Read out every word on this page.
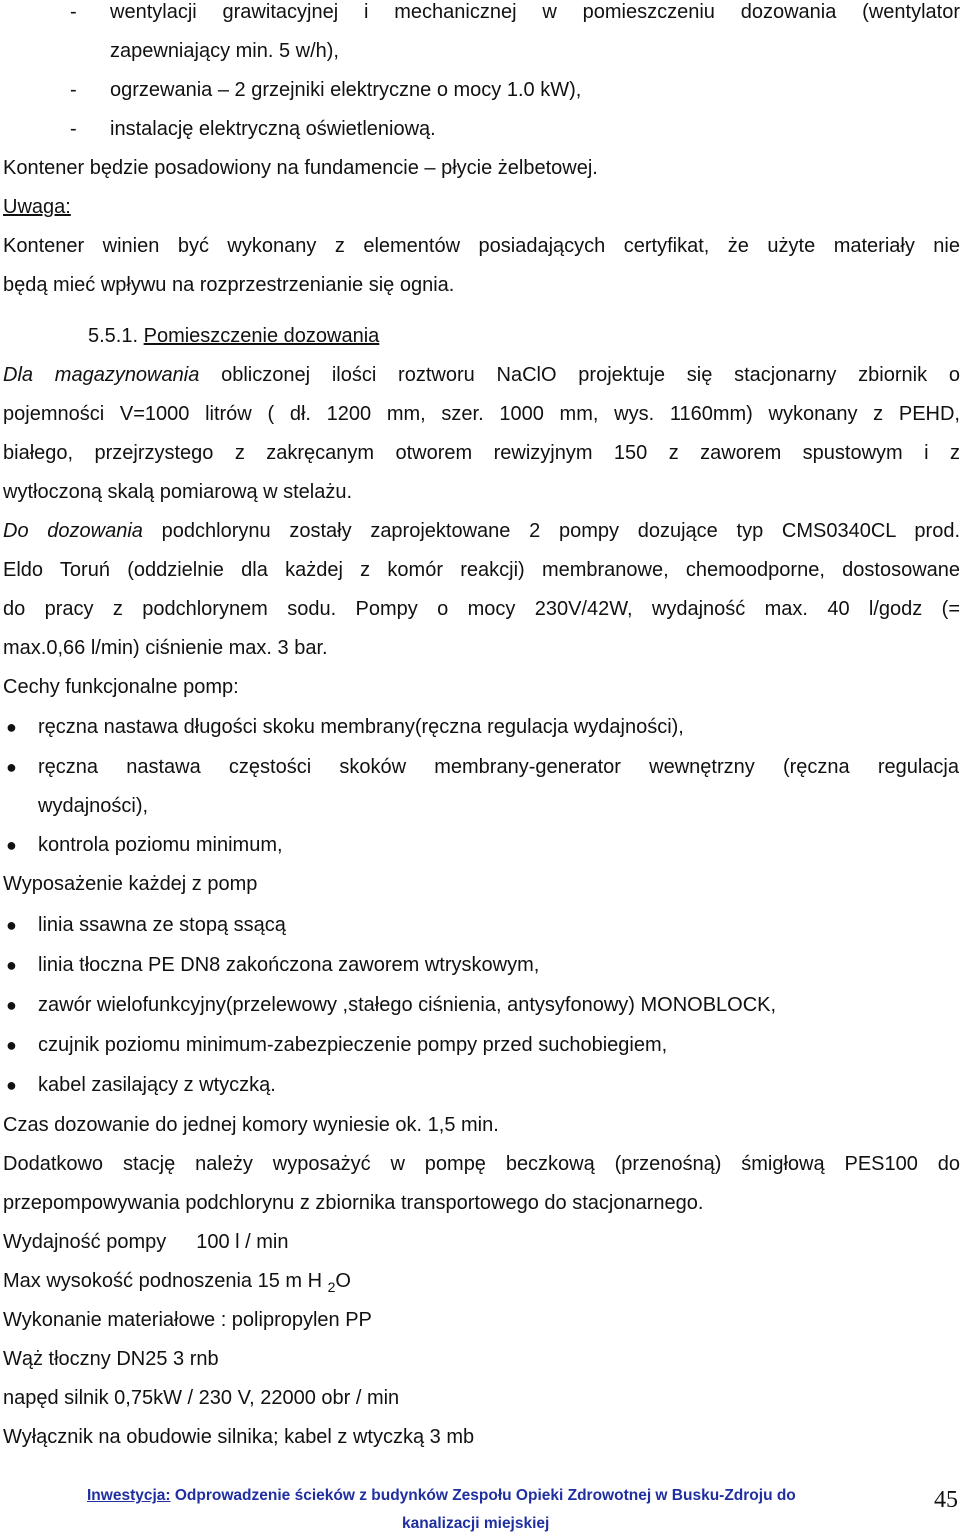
- wentylacji grawitacyjnej i mechanicznej w pomieszczeniu dozowania (wentylator
zapewniający min. 5 w/h),
- ogrzewania – 2 grzejniki elektryczne o mocy 1.0 kW),
- instalację elektryczną oświetleniową.
Kontener będzie posadowiony na fundamencie – płycie żelbetowej.
Uwaga:
Kontener winien być wykonany z elementów posiadających certyfikat, że użyte materiały nie
będą mieć wpływu na rozprzestrzenianie się ognia.
5.5.1. Pomieszczenie dozowania
Dla magazynowania obliczonej ilości roztworu NaClO projektuje się stacjonarny zbiornik o
pojemności V=1000 litrów ( dł. 1200 mm, szer. 1000 mm, wys. 1160mm) wykonany z PEHD,
białego, przejrzystego z zakręcanym otworem rewizyjnym 150 z zaworem spustowym i z
wytłoczoną skalą pomiarową w stelażu.
Do dozowania podchlorynu zostały zaprojektowane 2 pompy dozujące typ CMS0340CL prod.
Eldo Toruń (oddzielnie dla każdej z komór reakcji) membranowe, chemoodporne, dostosowane
do pracy z podchlorynem sodu. Pompy o mocy 230V/42W, wydajność max. 40 l/godz (=
max.0,66 l/min) ciśnienie max. 3 bar.
Cechy funkcjonalne pomp:
● ręczna nastawa długości skoku membrany(ręczna regulacja wydajności),
● ręczna nastawa częstości skoków membrany-generator wewnętrzny (ręczna regulacja
wydajności),
● kontrola poziomu minimum,
Wyposażenie każdej z pomp
● linia ssawna ze stopą ssącą
● linia tłoczna PE DN8 zakończona zaworem wtryskowym,
● zawór wielofunkcyjny(przelewowy ,stałego ciśnienia, antysyfonowy) MONOBLOCK,
● czujnik poziomu minimum-zabezpieczenie pompy przed suchobiegiem,
● kabel zasilający z wtyczką.
Czas dozowanie do jednej komory wyniesie ok. 1,5 min.
Dodatkowo stację należy wyposażyć w pompę beczkową (przenośną) śmigłową PES100 do
przepompowywania podchlorynu z zbiornika transportowego do stacjonarnego.
Wydajność pompy 100 l / min
Max wysokość podnoszenia 15 m H $_2$O
Wykonanie materiałowe : polipropylen PP
Wąż tłoczny DN25 3 rnb
napęd silnik 0,75kW / 230 V, 22000 obr / min
Wyłącznik na obudowie silnika; kabel z wtyczką 3 mb
Inwestycja: Odprowadzenie ścieków z budynków Zespołu Opieki Zdrowotnej w Busku-Zdroju do
kanalizacji miejskiej
45
